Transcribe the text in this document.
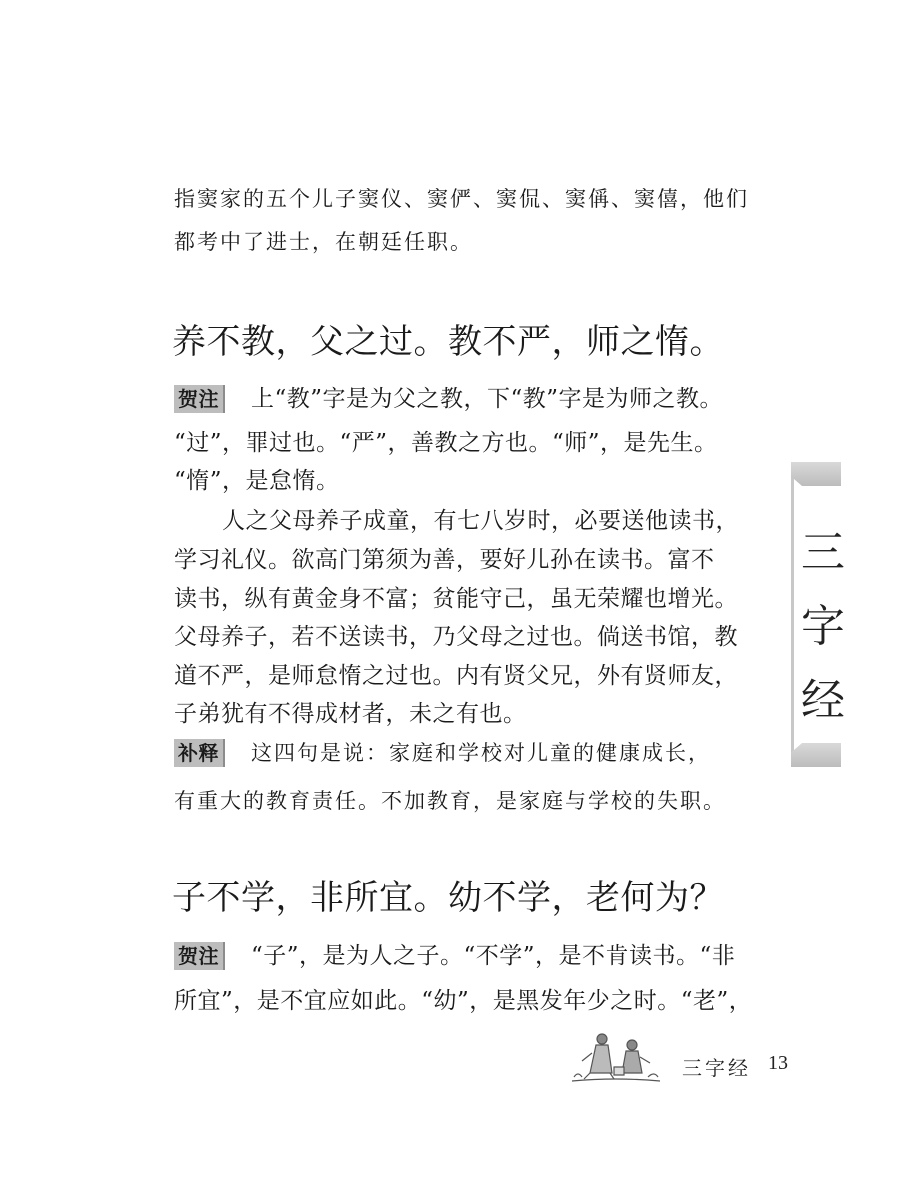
指窦家的五个儿子窦仪、窦俨、窦侃、窦偁、窦僖，他们
都考中了进士，在朝廷任职。
养不教，父之过。教不严，师之惰。
贺注 上“教”字是为父之教，下“教”字是为师之教。
“过”，罪过也。“严”，善教之方也。“师”，是先生。
“惰”，是怠惰。
人之父母养子成童，有七八岁时，必要送他读书，
学习礼仪。欲高门第须为善，要好儿孙在读书。富不
读书，纵有黄金身不富；贫能守己，虽无荣耀也增光。
父母养子，若不送读书，乃父母之过也。倘送书馆，教
道不严，是师怠惰之过也。内有贤父兄，外有贤师友，
子弟犹有不得成材者，未之有也。
补释 这四句是说：家庭和学校对儿童的健康成长，
有重大的教育责任。不加教育，是家庭与学校的失职。
子不学，非所宜。幼不学，老何为？
贺注 “子”，是为人之子。“不学”，是不肯读书。“非
所宜”，是不宜应如此。“幼”，是黑发年少之时。“老”，
三
字
经
三字经 13
